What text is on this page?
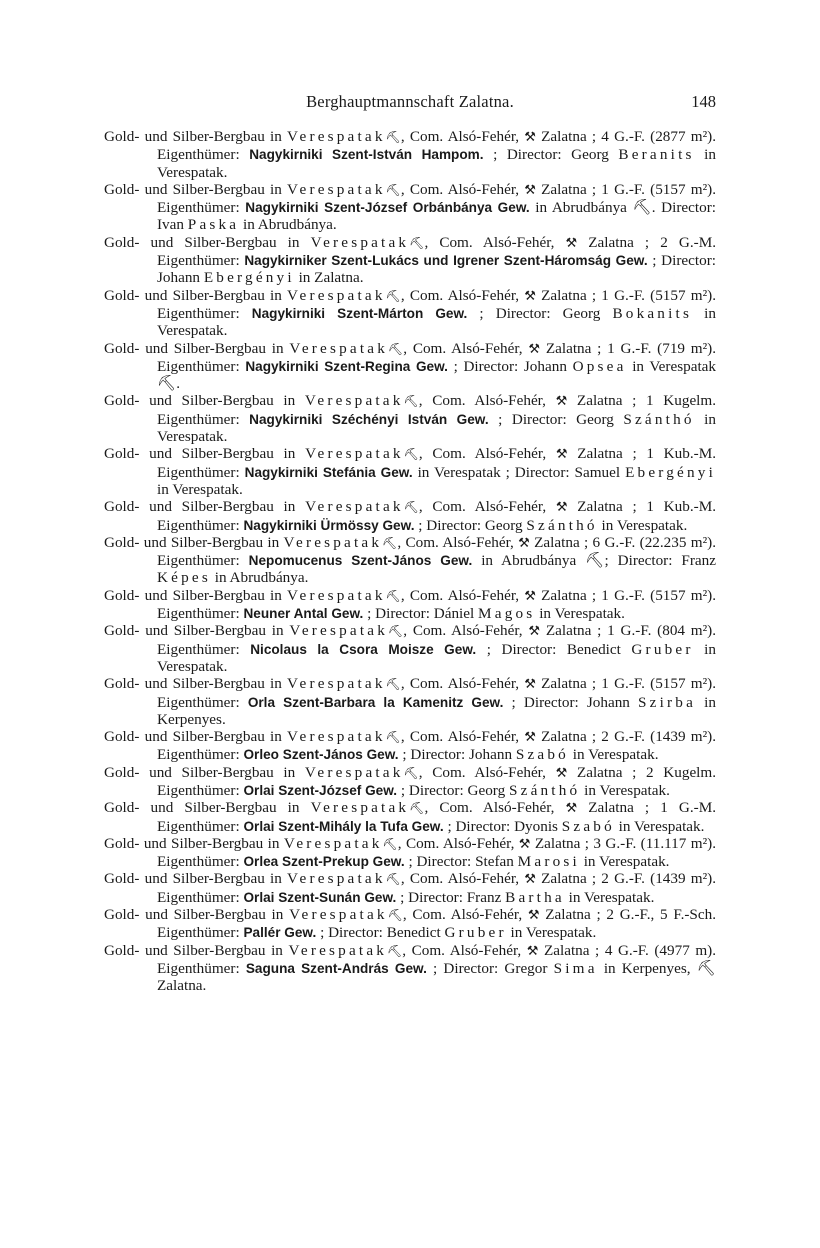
Berghauptmannschaft Zalatna.	148
Gold- und Silber-Bergbau in Verespatak⛏, Com. Alsó-Fehér, ⚒ Zalatna ; 4 G.-F. (2877 m²). Eigenthümer: Nagykirniki Szent-István Hampom. ; Director: Georg Beranits in Verespatak.
Gold- und Silber-Bergbau in Verespatak⛏, Com. Alsó-Fehér, ⚒ Zalatna ; 1 G.-F. (5157 m²). Eigenthümer: Nagykirniki Szent-József Orbánbánya Gew. in Abrudbánya ⛏. Director: Ivan Paska in Abrudbánya.
Gold- und Silber-Bergbau in Verespatak⛏, Com. Alsó-Fehér, ⚒ Zalatna ; 2 G.-M. Eigenthümer: Nagykirniker Szent-Lukács und Igrener Szent-Háromság Gew. ; Director: Johann Ebergényi in Zalatna.
Gold- und Silber-Bergbau in Verespatak⛏, Com. Alsó-Fehér, ⚒ Zalatna ; 1 G.-F. (5157 m²). Eigenthümer: Nagykirniki Szent-Márton Gew. ; Director: Georg Bokanits in Verespatak.
Gold- und Silber-Bergbau in Verespatak⛏, Com. Alsó-Fehér, ⚒ Zalatna ; 1 G.-F. (719 m²). Eigenthümer: Nagykirniki Szent-Regina Gew. ; Director: Johann Opsea in Verespatak ⛏.
Gold- und Silber-Bergbau in Verespatak⛏, Com. Alsó-Fehér, ⚒ Zalatna ; 1 Kugelm. Eigenthümer: Nagykirniki Széchényi István Gew. ; Director: Georg Szánthó in Verespatak.
Gold- und Silber-Bergbau in Verespatak⛏, Com. Alsó-Fehér, ⚒ Zalatna ; 1 Kub.-M. Eigenthümer: Nagykirniki Stefánia Gew. in Verespatak ; Director: Samuel Ebergényi in Verespatak.
Gold- und Silber-Bergbau in Verespatak⛏, Com. Alsó-Fehér, ⚒ Zalatna ; 1 Kub.-M. Eigenthümer: Nagykirniki Ürmössy Gew. ; Director: Georg Szánthó in Verespatak.
Gold- und Silber-Bergbau in Verespatak⛏, Com. Alsó-Fehér, ⚒ Zalatna ; 6 G.-F. (22.235 m²). Eigenthümer: Nepomucenus Szent-János Gew. in Abrudbánya ⛏; Director: Franz Képes in Abrudbánya.
Gold- und Silber-Bergbau in Verespatak⛏, Com. Alsó-Fehér, ⚒ Zalatna ; 1 G.-F. (5157 m²). Eigenthümer: Neuner Antal Gew. ; Director: Dániel Magos in Verespatak.
Gold- und Silber-Bergbau in Verespatak⛏, Com. Alsó-Fehér, ⚒ Zalatna ; 1 G.-F. (804 m²). Eigenthümer: Nicolaus la Csora Moisze Gew. ; Director: Benedict Gruber in Verespatak.
Gold- und Silber-Bergbau in Verespatak⛏, Com. Alsó-Fehér, ⚒ Zalatna ; 1 G.-F. (5157 m²). Eigenthümer: Orla Szent-Barbara la Kamenitz Gew. ; Director: Johann Szirba in Kerpenyes.
Gold- und Silber-Bergbau in Verespatak⛏, Com. Alsó-Fehér, ⚒ Zalatna ; 2 G.-F. (1439 m²). Eigenthümer: Orleo Szent-János Gew. ; Director: Johann Szabó in Verespatak.
Gold- und Silber-Bergbau in Verespatak⛏, Com. Alsó-Fehér, ⚒ Zalatna ; 2 Kugelm. Eigenthümer: Orlai Szent-József Gew. ; Director: Georg Szánthó in Verespatak.
Gold- und Silber-Bergbau in Verespatak⛏, Com. Alsó-Fehér, ⚒ Zalatna ; 1 G.-M. Eigenthümer: Orlai Szent-Mihály la Tufa Gew. ; Director: Dyonis Szabó in Verespatak.
Gold- und Silber-Bergbau in Verespatak⛏, Com. Alsó-Fehér, ⚒ Zalatna ; 3 G.-F. (11.117 m²). Eigenthümer: Orlea Szent-Prekup Gew. ; Director: Stefan Marosi in Verespatak.
Gold- und Silber-Bergbau in Verespatak⛏, Com. Alsó-Fehér, ⚒ Zalatna ; 2 G.-F. (1439 m²). Eigenthümer: Orlai Szent-Sunán Gew. ; Director: Franz Bartha in Verespatak.
Gold- und Silber-Bergbau in Verespatak⛏, Com. Alsó-Fehér, ⚒ Zalatna ; 2 G.-F., 5 F.-Sch. Eigenthümer: Pallér Gew. ; Director: Benedict Gruber in Verespatak.
Gold- und Silber-Bergbau in Verespatak⛏, Com. Alsó-Fehér, ⚒ Zalatna ; 4 G.-F. (4977 m). Eigenthümer: Saguna Szent-András Gew. ; Director: Gregor Sima in Kerpenyes, ⛏ Zalatna.
